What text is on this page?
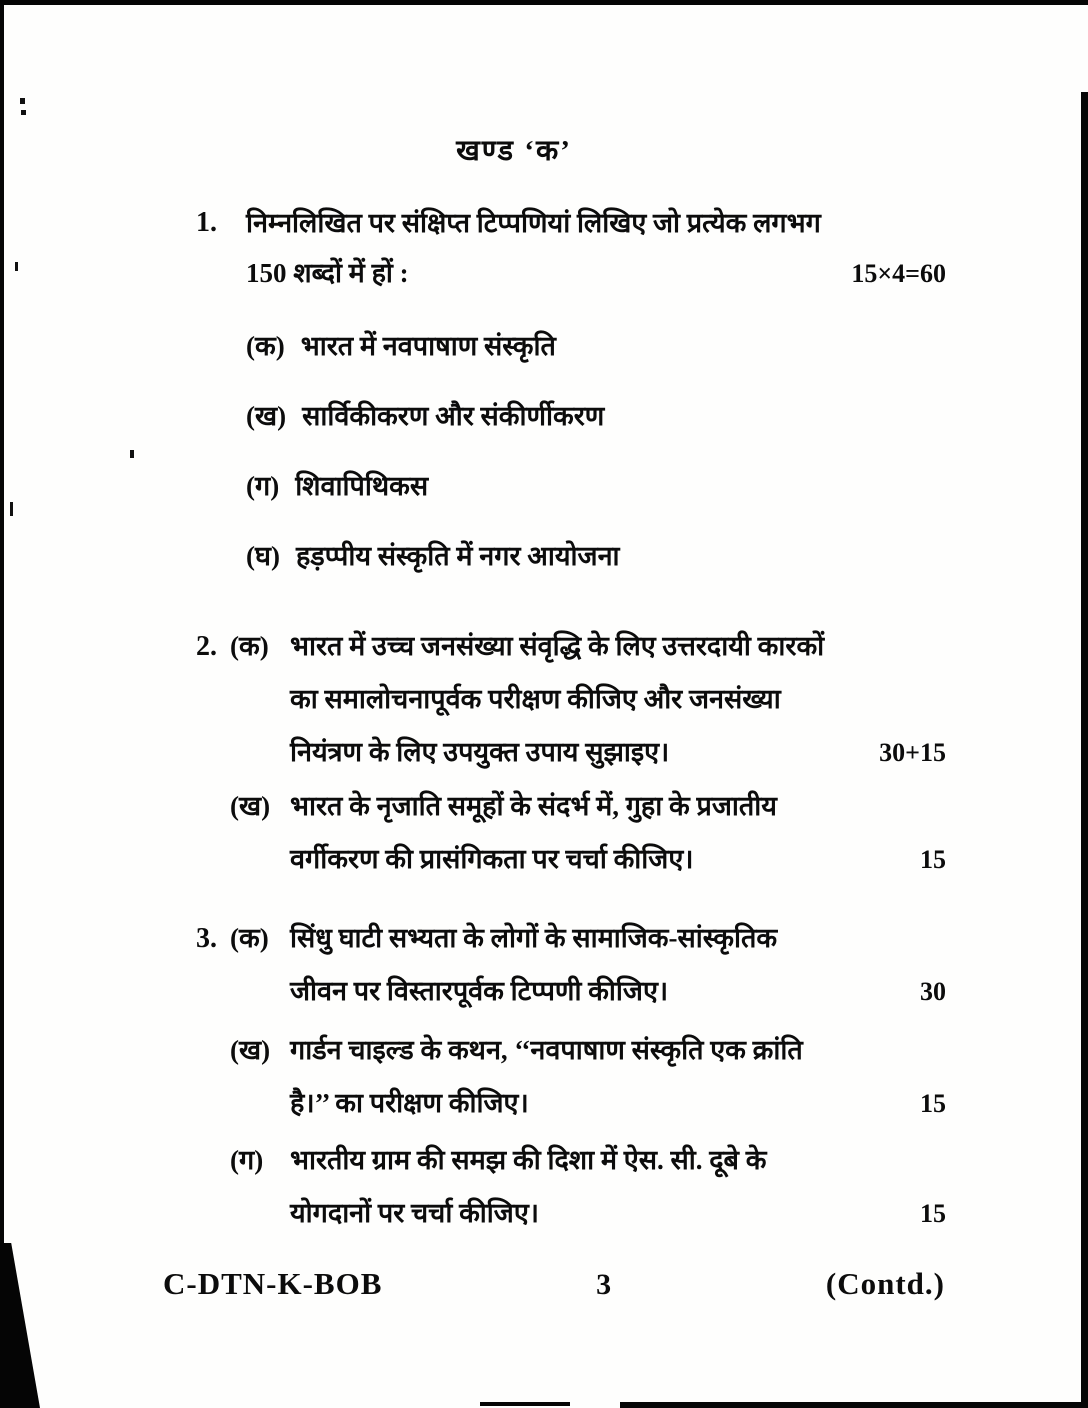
खण्ड ‘क’
1.	निम्नलिखित पर संक्षिप्त टिप्पणियां लिखिए जो प्रत्येक लगभग
150 शब्दों में हों :	15×4=60
(क) भारत में नवपाषाण संस्कृति
(ख) सार्विकीकरण और संकीर्णीकरण
(ग) शिवापिथिकस
(घ) हड़प्पीय संस्कृति में नगर आयोजना
2. (क) भारत में उच्च जनसंख्या संवृद्धि के लिए उत्तरदायी कारकों
का समालोचनापूर्वक परीक्षण कीजिए और जनसंख्या
नियंत्रण के लिए उपयुक्त उपाय सुझाइए।	30+15
(ख) भारत के नृजाति समूहों के संदर्भ में, गुहा के प्रजातीय
वर्गीकरण की प्रासंगिकता पर चर्चा कीजिए।	15
3. (क) सिंधु घाटी सभ्यता के लोगों के सामाजिक-सांस्कृतिक
जीवन पर विस्तारपूर्वक टिप्पणी कीजिए।	30
(ख) गार्डन चाइल्ड के कथन, ‘‘नवपाषाण संस्कृति एक क्रांति
है।’’ का परीक्षण कीजिए।	15
(ग) भारतीय ग्राम की समझ की दिशा में ऐस. सी. दूबे के
योगदानों पर चर्चा कीजिए।	15
C-DTN-K-BOB	3	(Contd.)
